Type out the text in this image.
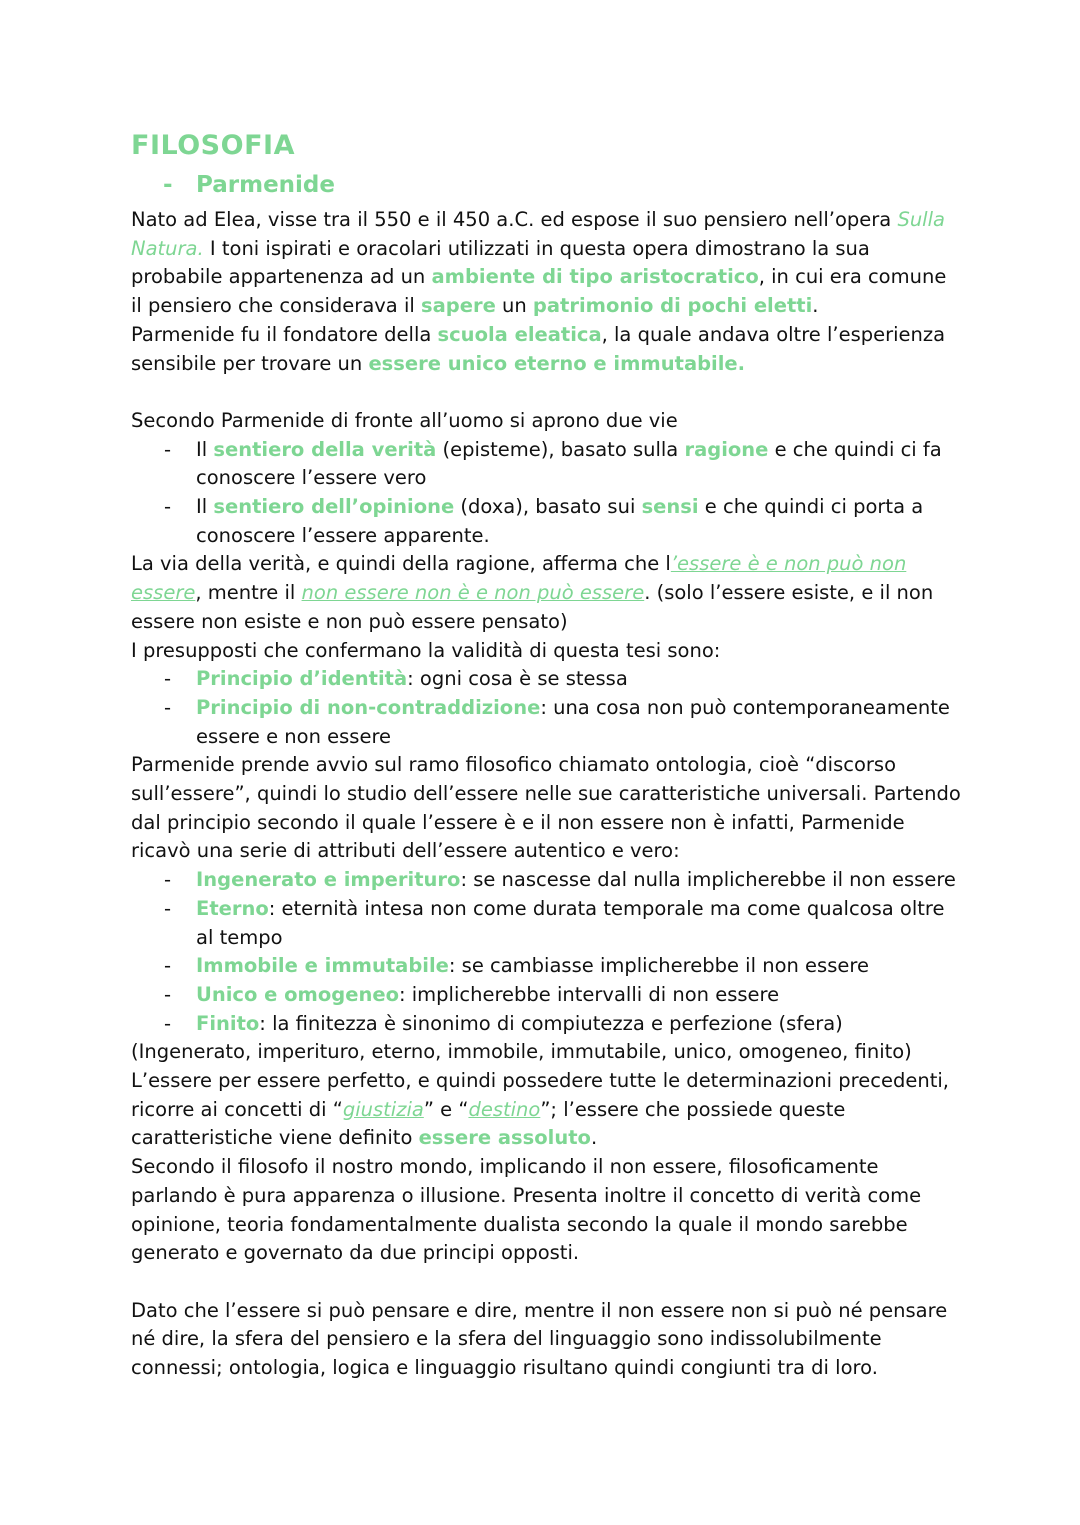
FILOSOFIA
- Parmenide

Nato ad Elea, visse tra il 550 e il 450 a.C. ed espose il suo pensiero nell’opera Sulla Natura. I toni ispirati e oracolari utilizzati in questa opera dimostrano la sua probabile appartenenza ad un ambiente di tipo aristocratico, in cui era comune il pensiero che considerava il sapere un patrimonio di pochi eletti.

Parmenide fu il fondatore della scuola eleatica, la quale andava oltre l’esperienza sensibile per trovare un essere unico eterno e immutabile.

Secondo Parmenide di fronte all’uomo si aprono due vie

- Il sentiero della verità (episteme), basato sulla ragione e che quindi ci fa conoscere l’essere vero
- Il sentiero dell’opinione (doxa), basato sui sensi e che quindi ci porta a conoscere l’essere apparente.

La via della verità, e quindi della ragione, afferma che l’essere è e non può non essere, mentre il non essere non è e non può essere. (solo l’essere esiste, e il non essere non esiste e non può essere pensato)

I presupposti che confermano la validità di questa tesi sono:

- Principio d’identità: ogni cosa è se stessa
- Principio di non-contraddizione: una cosa non può contemporaneamente essere e non essere

Parmenide prende avvio sul ramo filosofico chiamato ontologia, cioè “discorso sull’essere”, quindi lo studio dell’essere nelle sue caratteristiche universali. Partendo dal principio secondo il quale l’essere è e il non essere non è infatti, Parmenide ricavò una serie di attributi dell’essere autentico e vero:

- Ingenerato e imperituro: se nascesse dal nulla implicherebbe il non essere
- Eterno: eternità intesa non come durata temporale ma come qualcosa oltre al tempo
- Immobile e immutabile: se cambiasse implicherebbe il non essere
- Unico e omogeneo: implicherebbe intervalli di non essere
- Finito: la finitezza è sinonimo di compiutezza e perfezione (sfera)

(Ingenerato, imperituro, eterno, immobile, immutabile, unico, omogeneo, finito)

L’essere per essere perfetto, e quindi possedere tutte le determinazioni precedenti, ricorre ai concetti di “giustizia” e “destino”; l’essere che possiede queste caratteristiche viene definito essere assoluto.

Secondo il filosofo il nostro mondo, implicando il non essere, filosoficamente parlando è pura apparenza o illusione. Presenta inoltre il concetto di verità come opinione, teoria fondamentalmente dualista secondo la quale il mondo sarebbe generato e governato da due principi opposti.

Dato che l’essere si può pensare e dire, mentre il non essere non si può né pensare né dire, la sfera del pensiero e la sfera del linguaggio sono indissolubilmente connessi; ontologia, logica e linguaggio risultano quindi congiunti tra di loro.
